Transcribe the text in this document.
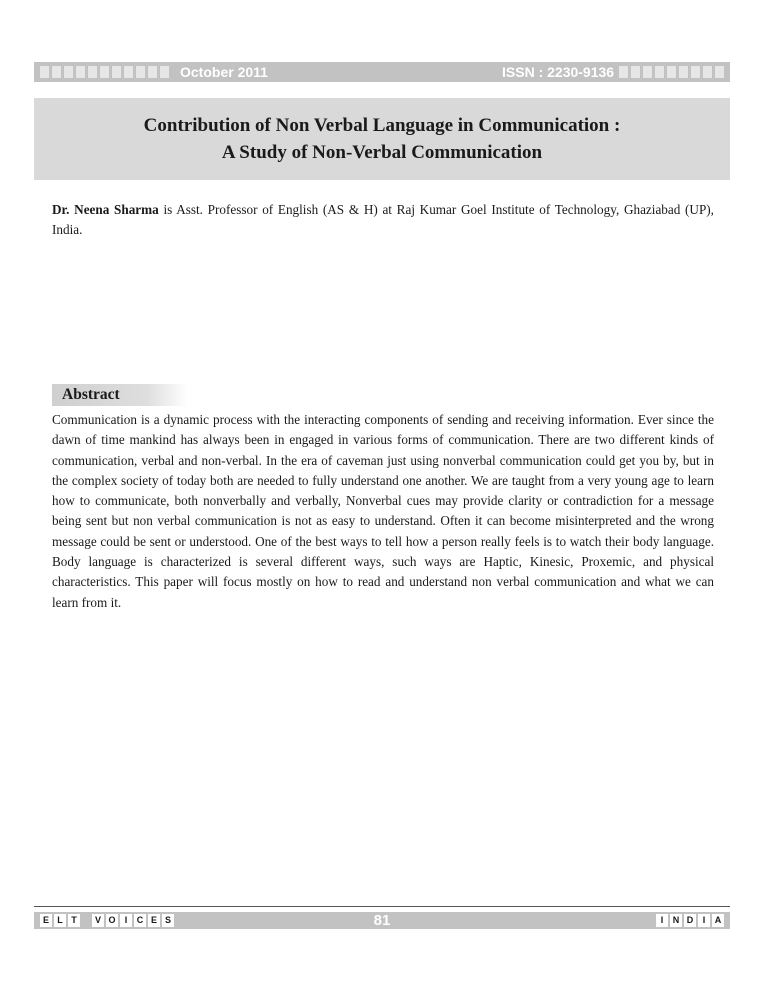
October 2011	ISSN : 2230-9136
Contribution of Non Verbal Language in Communication :
A Study of Non-Verbal Communication
Dr. Neena Sharma is Asst. Professor of English (AS & H) at Raj Kumar Goel Institute of Technology, Ghaziabad (UP), India.
Abstract
Communication is a dynamic process with the interacting components of sending and receiving information. Ever since the dawn of time mankind has always been in engaged in various forms of communication. There are two different kinds of communication, verbal and non-verbal. In the era of caveman just using nonverbal communication could get you by, but in the complex society of today both are needed to fully understand one another. We are taught from a very young age to learn how to communicate, both nonverbally and verbally, Nonverbal cues may provide clarity or contradiction for a message being sent but non verbal communication is not as easy to understand. Often it can become misinterpreted and the wrong message could be sent or understood. One of the best ways to tell how a person really feels is to watch their body language. Body language is characterized is several different ways, such ways are Haptic, Kinesic, Proxemic, and physical characteristics. This paper will focus mostly on how to read and understand non verbal communication and what we can learn from it.
E L T	V O	I	C E S	81	I	N D	I	A
